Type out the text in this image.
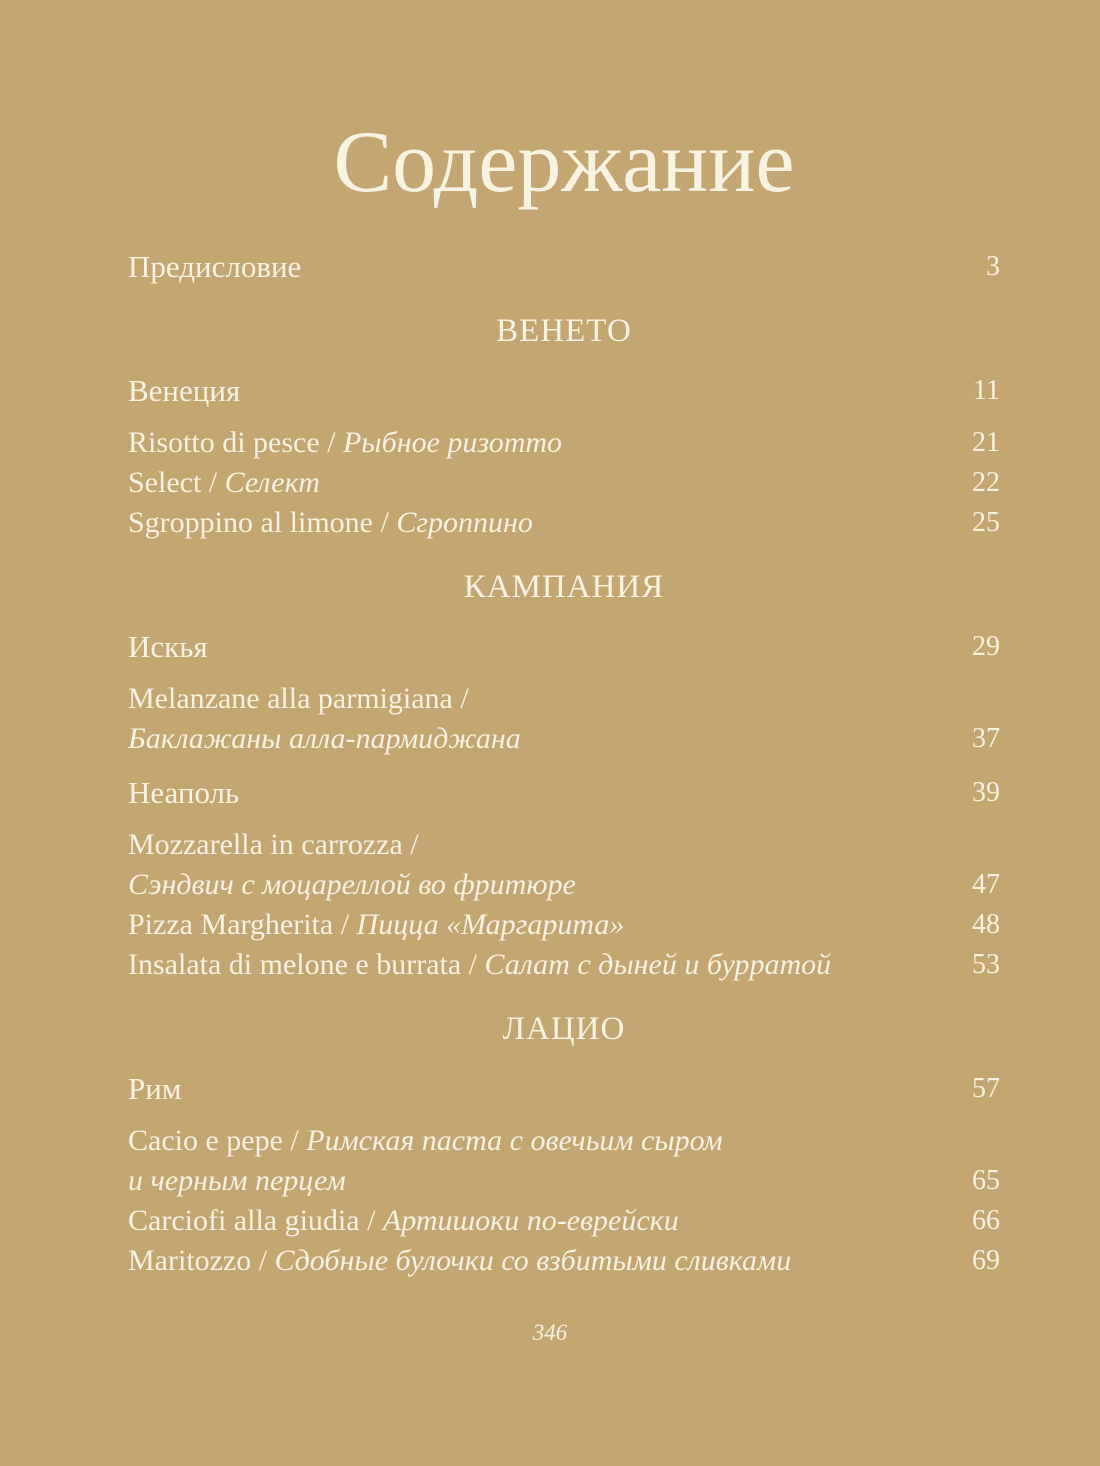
Содержание
Предисловие	3
ВЕНЕТО
Венеция	11
Risotto di pesce / Рыбное ризотто	21
Select / Селект	22
Sgroppino al limone / Сгроппино	25
КАМПАНИЯ
Искья	29
Melanzane alla parmigiana /
Баклажаны алла-пармиджана	37
Неаполь	39
Mozzarella in carrozza /
Сэндвич с моцареллой во фритюре	47
Pizza Margherita / Пицца «Маргарита»	48
Insalata di melone e burrata / Салат с дыней и бурратой	53
ЛАЦИО
Рим	57
Cacio e pepe / Римская паста с овечьим сыром
и черным перцем	65
Carciofi alla giudia / Артишоки по-еврейски	66
Maritozzo / Сдобные булочки со взбитыми сливками	69
346
